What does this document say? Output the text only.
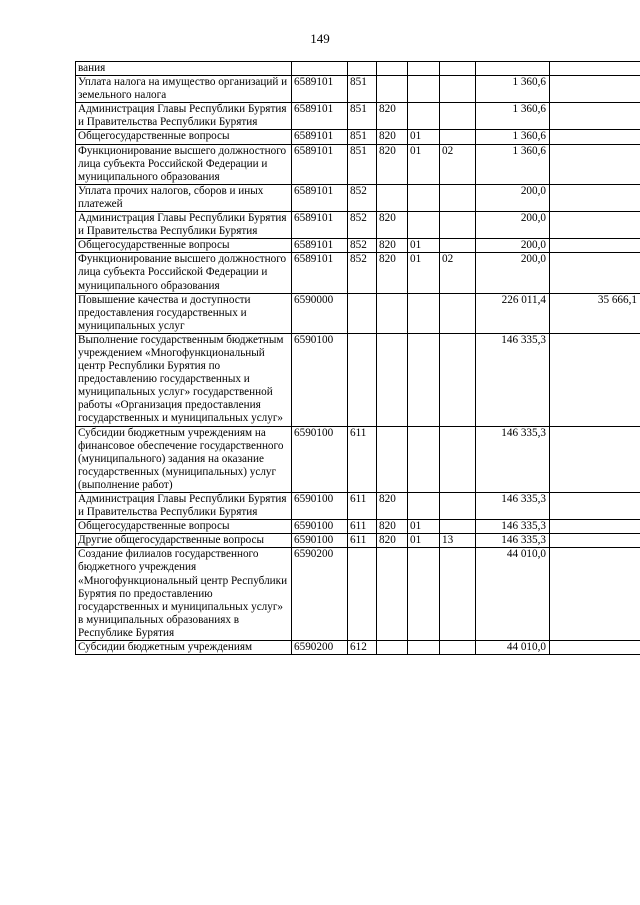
149
вания							
Уплата налога на имущество организаций и земельного налога	6589101	851				1 360,6	
Администрация Главы Республики Бурятия и Правительства Республики Бурятия	6589101	851	820			1 360,6	
Общегосударственные вопросы	6589101	851	820	01		1 360,6	
Функционирование высшего должностного лица субъекта Российской Федерации и муниципального образования	6589101	851	820	01	02	1 360,6	
Уплата прочих налогов, сборов и иных платежей	6589101	852				200,0	
Администрация Главы Республики Бурятия и Правительства Республики Бурятия	6589101	852	820			200,0	
Общегосударственные вопросы	6589101	852	820	01		200,0	
Функционирование высшего должностного лица субъекта Российской Федерации и муниципального образования	6589101	852	820	01	02	200,0	
Повышение качества и доступности предоставления государственных и муниципальных услуг	6590000					226 011,4	35 666,1
Выполнение государственным бюджетным учреждением «Многофункциональный центр Республики Бурятия по предоставлению государственных и муниципальных услуг» государственной работы «Организация предоставления государственных и муниципальных услуг»	6590100					146 335,3	
Субсидии бюджетным учреждениям на финансовое обеспечение государственного (муниципального) задания на оказание государственных (муниципальных) услуг (выполнение работ)	6590100	611				146 335,3	
Администрация Главы Республики Бурятия и Правительства Республики Бурятия	6590100	611	820			146 335,3	
Общегосударственные вопросы	6590100	611	820	01		146 335,3	
Другие общегосударственные вопросы	6590100	611	820	01	13	146 335,3	
Создание филиалов государственного бюджетного учреждения «Многофункциональный центр Республики Бурятия по предоставлению государственных и муниципальных услуг» в муниципальных образованиях в Республике Бурятия	6590200					44 010,0	
Субсидии бюджетным учреждениям	6590200	612				44 010,0	
